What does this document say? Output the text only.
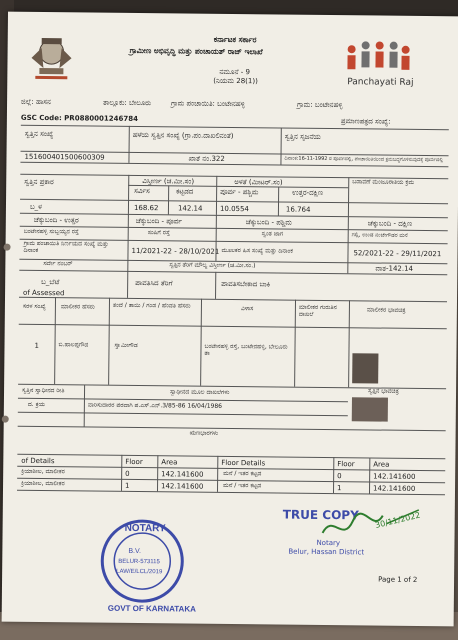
Panchayati Raj
ಕರ್ನಾಟಕ ಸರ್ಕಾರ
ಗ್ರಾಮೀಣ ಅಭಿವೃದ್ಧಿ ಮತ್ತು ಪಂಚಾಯತ್ ರಾಜ್ ಇಲಾಖೆ
ನಮೂನೆ - 9
(ನಿಯಮ 28(1))
ಜಿಲ್ಲೆ: ಹಾಸನ	ತಾಲ್ಲೂಕು: ಬೇಲೂರು	ಗ್ರಾಮ ಪಂಚಾಯಿತಿ: ಬಂಟೇನಹಳ್ಳಿ	ಗ್ರಾಮ: ಬಂಟೇನಹಳ್ಳಿ
GSC Code: PR0880001246784	ಪ್ರಮಾಣಪತ್ರದ ಸಂಖ್ಯೆ:
ಸ್ವತ್ತಿನ ಸಂಖ್ಯೆ	ಹಳೆಯ ಸ್ವತ್ತಿನ ಸಂಖ್ಯೆ (ಗ್ರಾ.ಪಂ.ದಾಖಲಿನಂತೆ)	ಸ್ವತ್ತಿನ ಸೃಜನೆಯ
151600401500600309	ಖಾತೆ ನಂ.322	ದಿನಾಂಕ:16-11-1992 ರ ಪೂರ್ವದಲ್ಲಿ, ಪಂಚಾಯಿತಿಯಿಂದ ಕ್ರಮಬದ್ಧಗೊಳಿಸುವುದಕ್ಕೆ ಪೂರ್ವದಲ್ಲಿ
ಸ್ವತ್ತಿನ ಪ್ರಕಾರ	ವಿಸ್ತೀರ್ಣ (ಚ.ಮೀ.ಸಂ)	ಅಳತೆ (ಮೀಟರ್.ಸಂ)	ಬಡಾವಣೆ ಮಂಜೂರಾತಿಯ ಕ್ರಮ
ಸರ್ವಿಸ	ಕಟ್ಟಡದ	ಪೂರ್ವ - ಪಶ್ಚಿಮ	ಉತ್ತರ-ದಕ್ಷಿಣ
ಬ_ಳ	168.62	142.14 10.0554	16.764
ಚೆಕ್ಕುಬಂದಿ - ಉತ್ತರ	ಚೆಕ್ಕುಬಂದಿ - ಪೂರ್ವ	ಚೆಕ್ಕುಬಂದಿ - ಪಶ್ಚಿಮ	ಚೆಕ್ಕುಬಂದಿ - ದಕ್ಷಿಣ
ಬಂಟೇನಹಳ್ಳಿ ಸುಬ್ಬಯ್ಯನ ರಸ್ತೆ	ಸಂಪಿಗೆ ರಸ್ತೆ	ಸ್ವಂತ ಜಾಗ	ಗಲ್ಲಿ, ಉಂಡ ನಂಜೇಗೌಡರ ಮನೆ
ಗ್ರಾಮ ಪಂಚಾಯಿತಿ ನಿರ್ಣಯದ ಸಂಖ್ಯೆ ಮತ್ತು ದಿನಾಂಕ	11/2021-22 - 28/10/2021 ಮೂಲಕರ ಹಿಸ ಸಂಖ್ಯೆ ಮತ್ತು ದಿನಾಂಕ	52/2021-22 - 29/11/2021
ಸರ್ವೇ ನಂಬರ್	ಸ್ವತ್ತಿನ ತೆರಿಗೆ ಮೌಲ್ಯ ವಿಸ್ತೀರ್ಣ (ಚ.ಮೀ.ಸಂ.)	ವಾತ-142.14
ಬ_ಬೆಟೆ
of Assessed
ಪಾವತಿಸಿದ ತೆರಿಗೆ	ಪಾವತಿಸಬೇಕಾದ ಬಾಕಿ
ಸರಳ ಸಂಖ್ಯೆ	ಮಾಲೀಕರ ಹೆಸರು	ತಂದೆ / ತಾಯಿ / ಗಂಡ / ಹೆಂಡತಿ ಹೆಸರು	ವಿಳಾಸ	ಮಾಲೀಕರ ಗುರುತಿನ ದಾಖಲೆ
ಮಾಲೀಕರ ಭಾವಚಿತ್ರ
1	ಬಿ.ಹಾಲಪ್ಪಗೌಡ	ಸ್ವಾಮೀಗೌಡ	ಬಂಟೇನಹಳ್ಳಿ ರಸ್ತೆ, ಬಂಟೇನಹಳ್ಳಿ, ಬೇಲೂರು ತಾ
ಸ್ವತ್ತಿನ ಭಾವಚಿತ್ರ
ಸ್ವತ್ತಿನ ಸ್ವಾಧೀನದ ರೀತಿ	ಸ್ವಾಧೀನದ ಮೂಲ ದಾಖಲೆಗಳು
ದ. ಕ್ರಯ	ವಾರಿಸುದಾರರ ಪರವಾಗಿ ಪ.ಎಸ್.ಎನ್.3/85-86 16/04/1986
ಋಣಭಾರಗಳು
of Details	Floor	Area	Floor Details	Floor	Area
ಕ್ರಿಯಾಶೀಲ, ಮಾಲೀಕರ	0	142.141600	ಮನೆ / ಇತರ ಕಟ್ಟಡ	0	142.141600
ಕ್ರಿಯಾಶೀಲ, ಮಾಲೀಕರ	1	142.141600	ಮನೆ / ಇತರ ಕಟ್ಟಡ	1	142.141600
NOTARY
B.V.
BELUR-573115
LAW/E/LCL/2019
GOVT OF KARNATAKA
TRUE COPY 30/11/2022
Notary
Belur, Hassan District
Page 1 of 2
